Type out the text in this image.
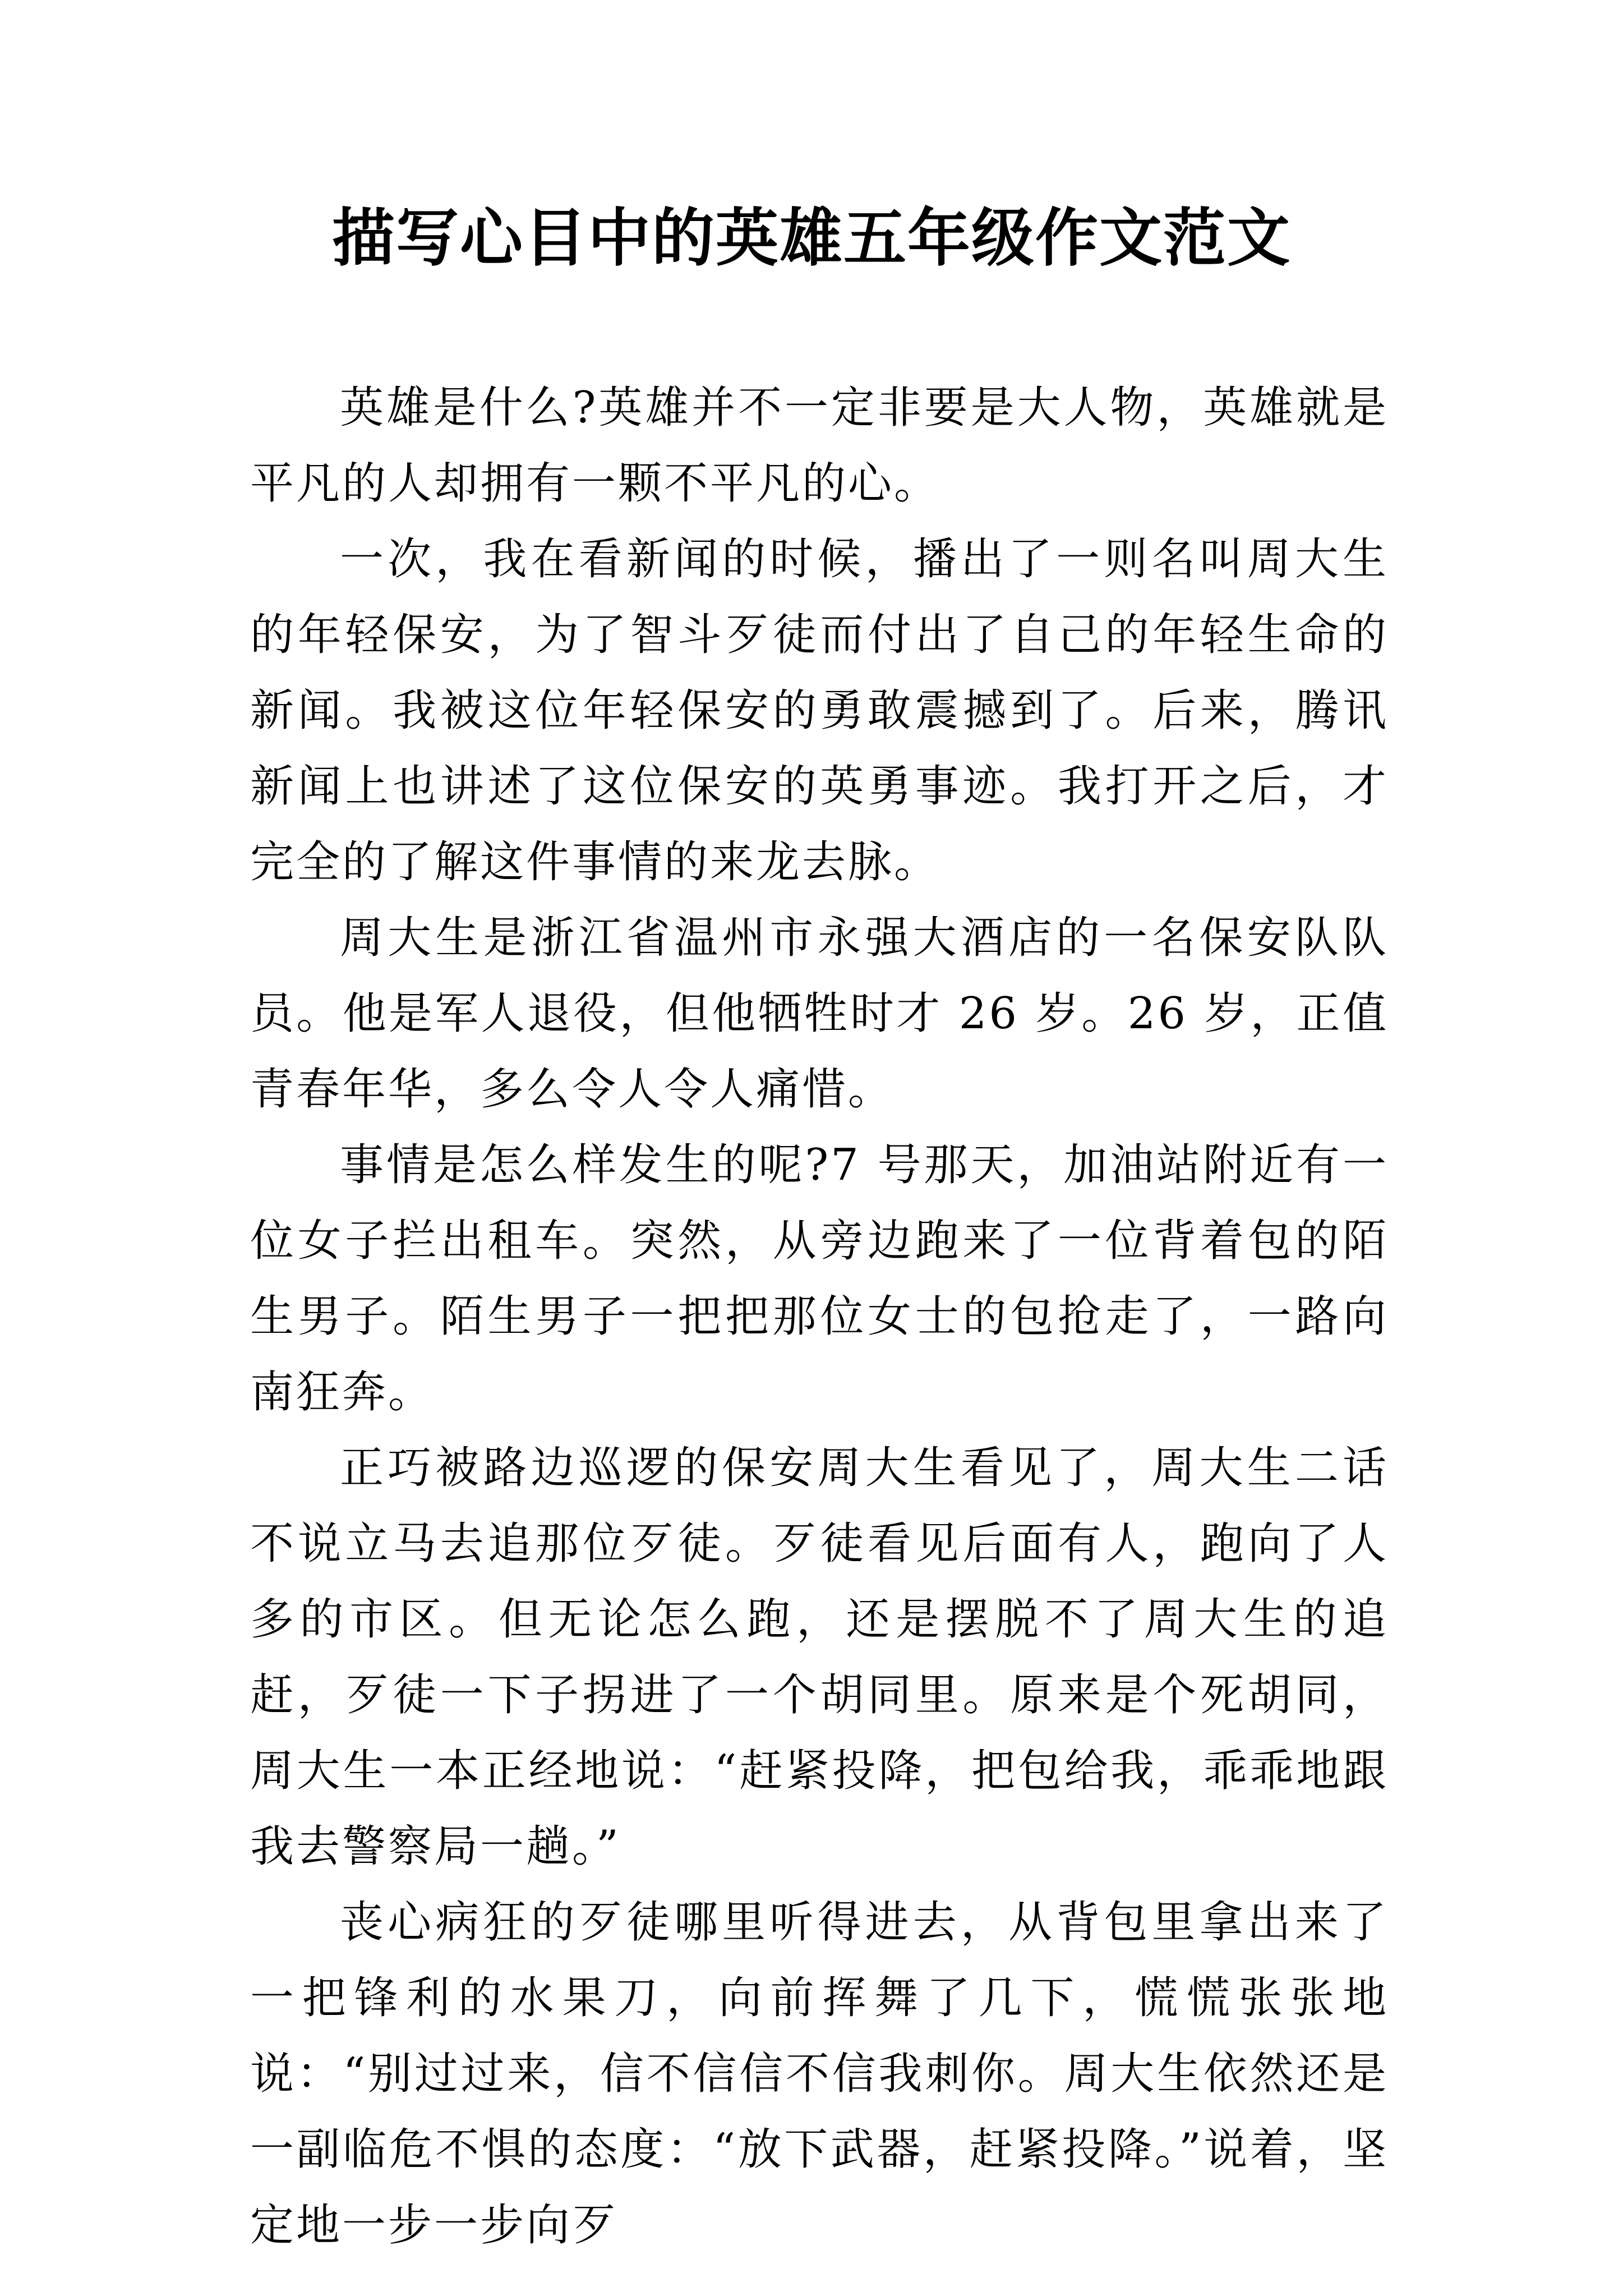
描写心目中的英雄五年级作文范文

英雄是什么?英雄并不一定非要是大人物，英雄就是平凡的人却拥有一颗不平凡的心。

一次，我在看新闻的时候，播出了一则名叫周大生的年轻保安，为了智斗歹徒而付出了自己的年轻生命的新闻。我被这位年轻保安的勇敢震撼到了。后来，腾讯新闻上也讲述了这位保安的英勇事迹。我打开之后，才完全的了解这件事情的来龙去脉。

周大生是浙江省温州市永强大酒店的一名保安队队员。他是军人退役，但他牺牲时才 26 岁。26 岁，正值青春年华，多么令人令人痛惜。

事情是怎么样发生的呢?7 号那天，加油站附近有一位女子拦出租车。突然，从旁边跑来了一位背着包的陌生男子。陌生男子一把把那位女士的包抢走了，一路向南狂奔。

正巧被路边巡逻的保安周大生看见了，周大生二话不说立马去追那位歹徒。歹徒看见后面有人，跑向了人多的市区。但无论怎么跑，还是摆脱不了周大生的追赶，歹徒一下子拐进了一个胡同里。原来是个死胡同，周大生一本正经地说：“赶紧投降，把包给我，乖乖地跟我去警察局一趟。”

丧心病狂的歹徒哪里听得进去，从背包里拿出来了一把锋利的水果刀，向前挥舞了几下，慌慌张张地说：“别过过来，信不信信不信我刺你。周大生依然还是一副临危不惧的态度：“放下武器，赶紧投降。”说着，坚定地一步一步向歹
